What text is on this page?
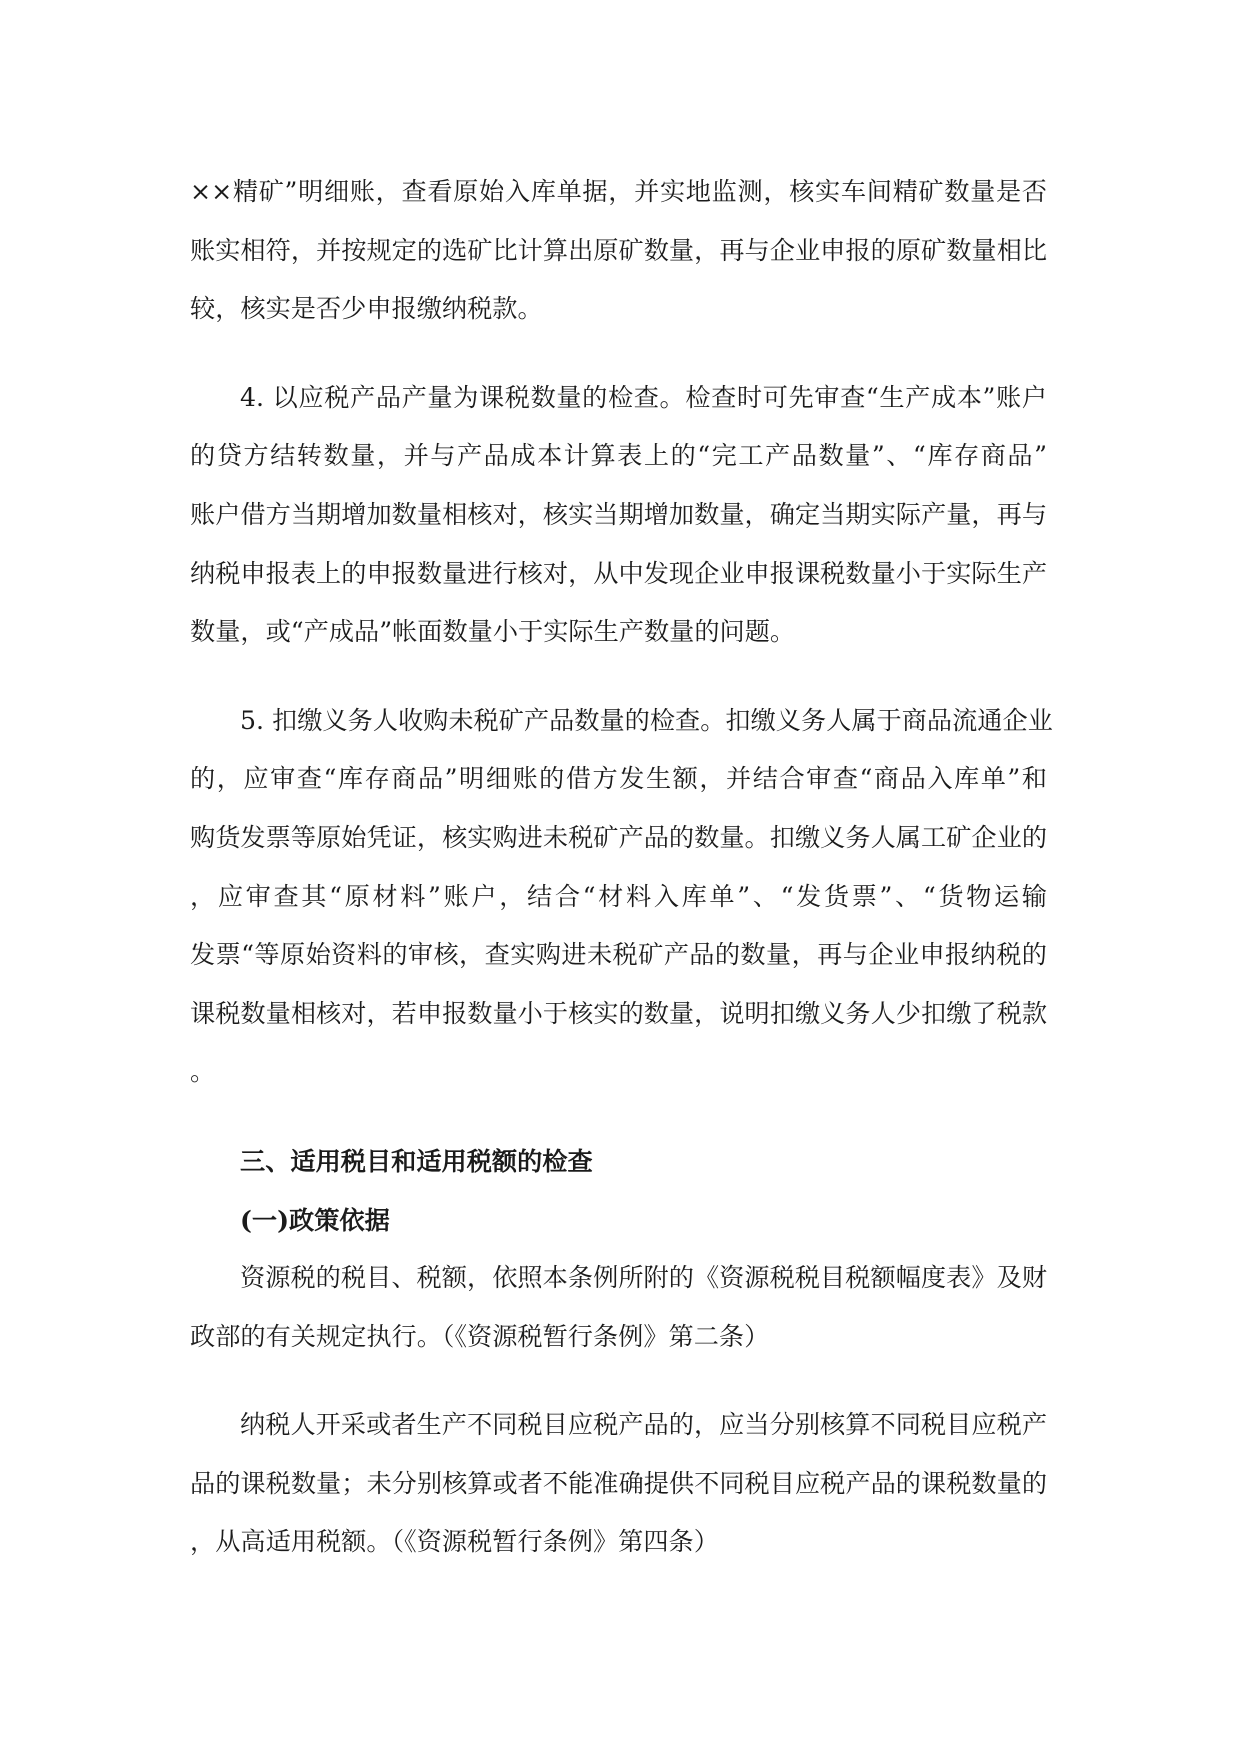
××精矿”明细账，查看原始入库单据，并实地监测，核实车间精矿数量是否
账实相符，并按规定的选矿比计算出原矿数量，再与企业申报的原矿数量相比
较，核实是否少申报缴纳税款。
4. 以应税产品产量为课税数量的检查。检查时可先审查“生产成本”账户
的贷方结转数量，并与产品成本计算表上的“完工产品数量”、“库存商品”
账户借方当期增加数量相核对，核实当期增加数量，确定当期实际产量，再与
纳税申报表上的申报数量进行核对，从中发现企业申报课税数量小于实际生产
数量，或“产成品”帐面数量小于实际生产数量的问题。
5. 扣缴义务人收购未税矿产品数量的检查。扣缴义务人属于商品流通企业
的，应审查“库存商品”明细账的借方发生额，并结合审查“商品入库单”和
购货发票等原始凭证，核实购进未税矿产品的数量。扣缴义务人属工矿企业的
，应审查其“原材料”账户，结合“材料入库单”、“发货票”、“货物运输
发票“等原始资料的审核，查实购进未税矿产品的数量，再与企业申报纳税的
课税数量相核对，若申报数量小于核实的数量，说明扣缴义务人少扣缴了税款
。
三、适用税目和适用税额的检查
(一)政策依据
资源税的税目、税额，依照本条例所附的《资源税税目税额幅度表》及财
政部的有关规定执行。（《资源税暂行条例》第二条）
纳税人开采或者生产不同税目应税产品的，应当分别核算不同税目应税产
品的课税数量；未分别核算或者不能准确提供不同税目应税产品的课税数量的
，从高适用税额。（《资源税暂行条例》第四条）
